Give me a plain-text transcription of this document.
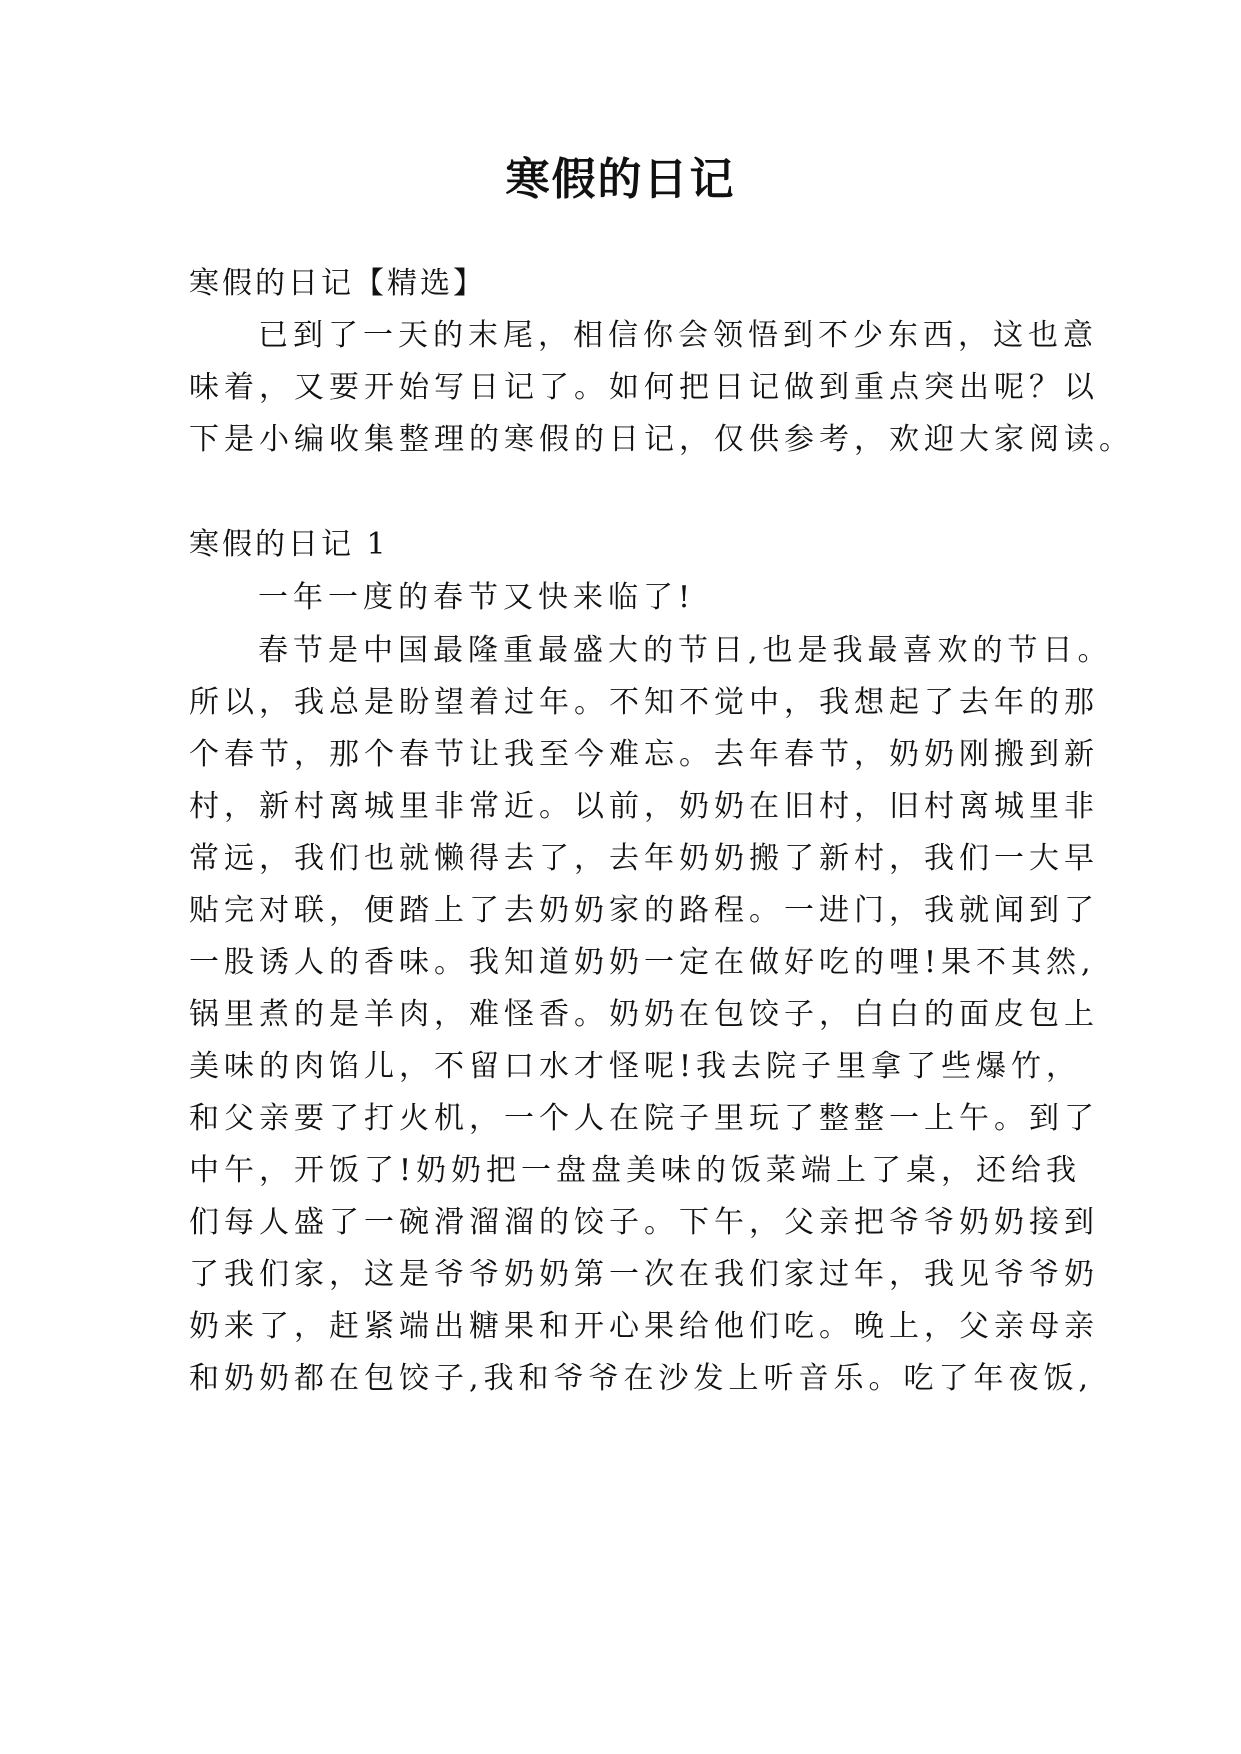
寒假的日记

寒假的日记【精选】

已到了一天的末尾，相信你会领悟到不少东西，这也意

味着，又要开始写日记了。如何把日记做到重点突出呢？以

下是小编收集整理的寒假的日记，仅供参考，欢迎大家阅读。

寒假的日记 1

一年一度的春节又快来临了!

春节是中国最隆重最盛大的节日,也是我最喜欢的节日。

所以，我总是盼望着过年。不知不觉中，我想起了去年的那

个春节，那个春节让我至今难忘。去年春节，奶奶刚搬到新

村，新村离城里非常近。以前，奶奶在旧村，旧村离城里非

常远，我们也就懒得去了，去年奶奶搬了新村，我们一大早

贴完对联，便踏上了去奶奶家的路程。一进门，我就闻到了

一股诱人的香味。我知道奶奶一定在做好吃的哩!果不其然,

锅里煮的是羊肉，难怪香。奶奶在包饺子，白白的面皮包上

美味的肉馅儿，不留口水才怪呢!我去院子里拿了些爆竹，

和父亲要了打火机，一个人在院子里玩了整整一上午。到了

中午，开饭了!奶奶把一盘盘美味的饭菜端上了桌，还给我

们每人盛了一碗滑溜溜的饺子。下午，父亲把爷爷奶奶接到

了我们家，这是爷爷奶奶第一次在我们家过年，我见爷爷奶

奶来了，赶紧端出糖果和开心果给他们吃。晚上，父亲母亲

和奶奶都在包饺子,我和爷爷在沙发上听音乐。吃了年夜饭,
